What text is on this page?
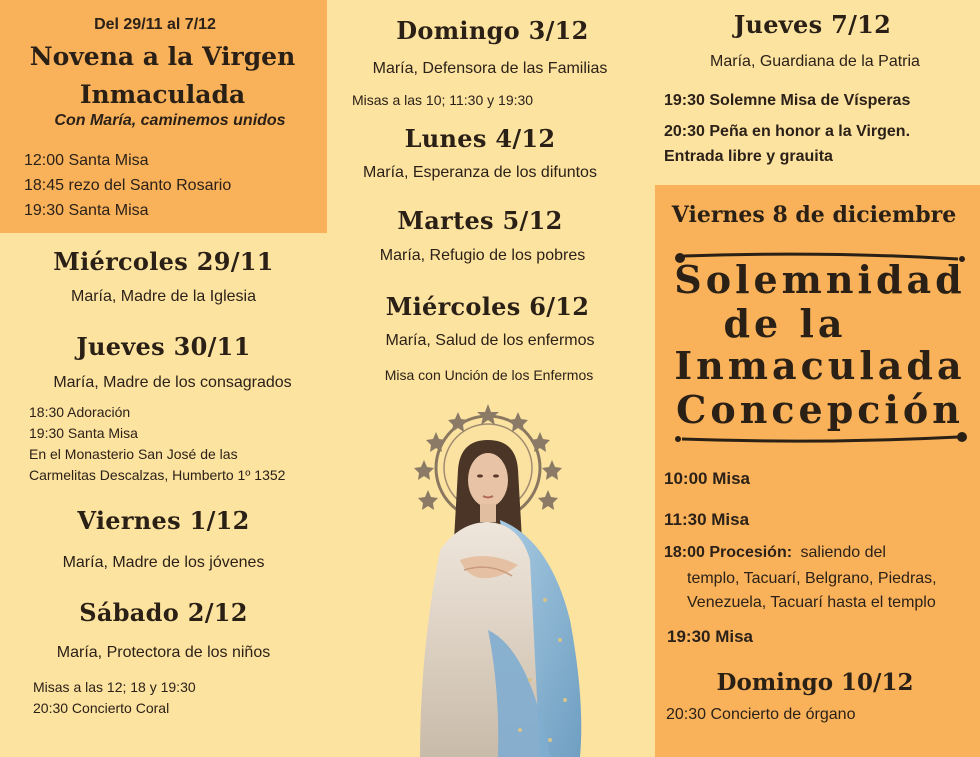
Del 29/11 al 7/12
Novena a la Virgen
Inmaculada
Con María, caminemos unidos
12:00 Santa Misa
18:45 rezo del Santo Rosario
19:30 Santa Misa
Miércoles 29/11
María, Madre de la Iglesia
Jueves 30/11
María, Madre de los consagrados
18:30 Adoración
19:30 Santa Misa
En el Monasterio San José de las
Carmelitas Descalzas, Humberto 1º 1352
Viernes 1/12
María, Madre de los jóvenes
Sábado 2/12
María, Protectora de los niños
Misas a las 12; 18 y 19:30
20:30 Concierto Coral
Domingo 3/12
María, Defensora de las Familias
Misas a las 10; 11:30 y 19:30
Lunes 4/12
María, Esperanza de los difuntos
Martes 5/12
María, Refugio de los pobres
Miércoles 6/12
María, Salud de los enfermos
Misa con Unción de los Enfermos
Jueves 7/12
María, Guardiana de la Patria
19:30 Solemne Misa de Vísperas
20:30 Peña en honor a la Virgen.
Entrada libre y grauita
Viernes 8 de diciembre
Solemnidad
de la
Inmaculada
Concepción
10:00 Misa
11:30 Misa
18:00 Procesión: saliendo del
templo, Tacuarí, Belgrano, Piedras,
Venezuela, Tacuarí hasta el templo
19:30 Misa
Domingo 10/12
20:30 Concierto de órgano
